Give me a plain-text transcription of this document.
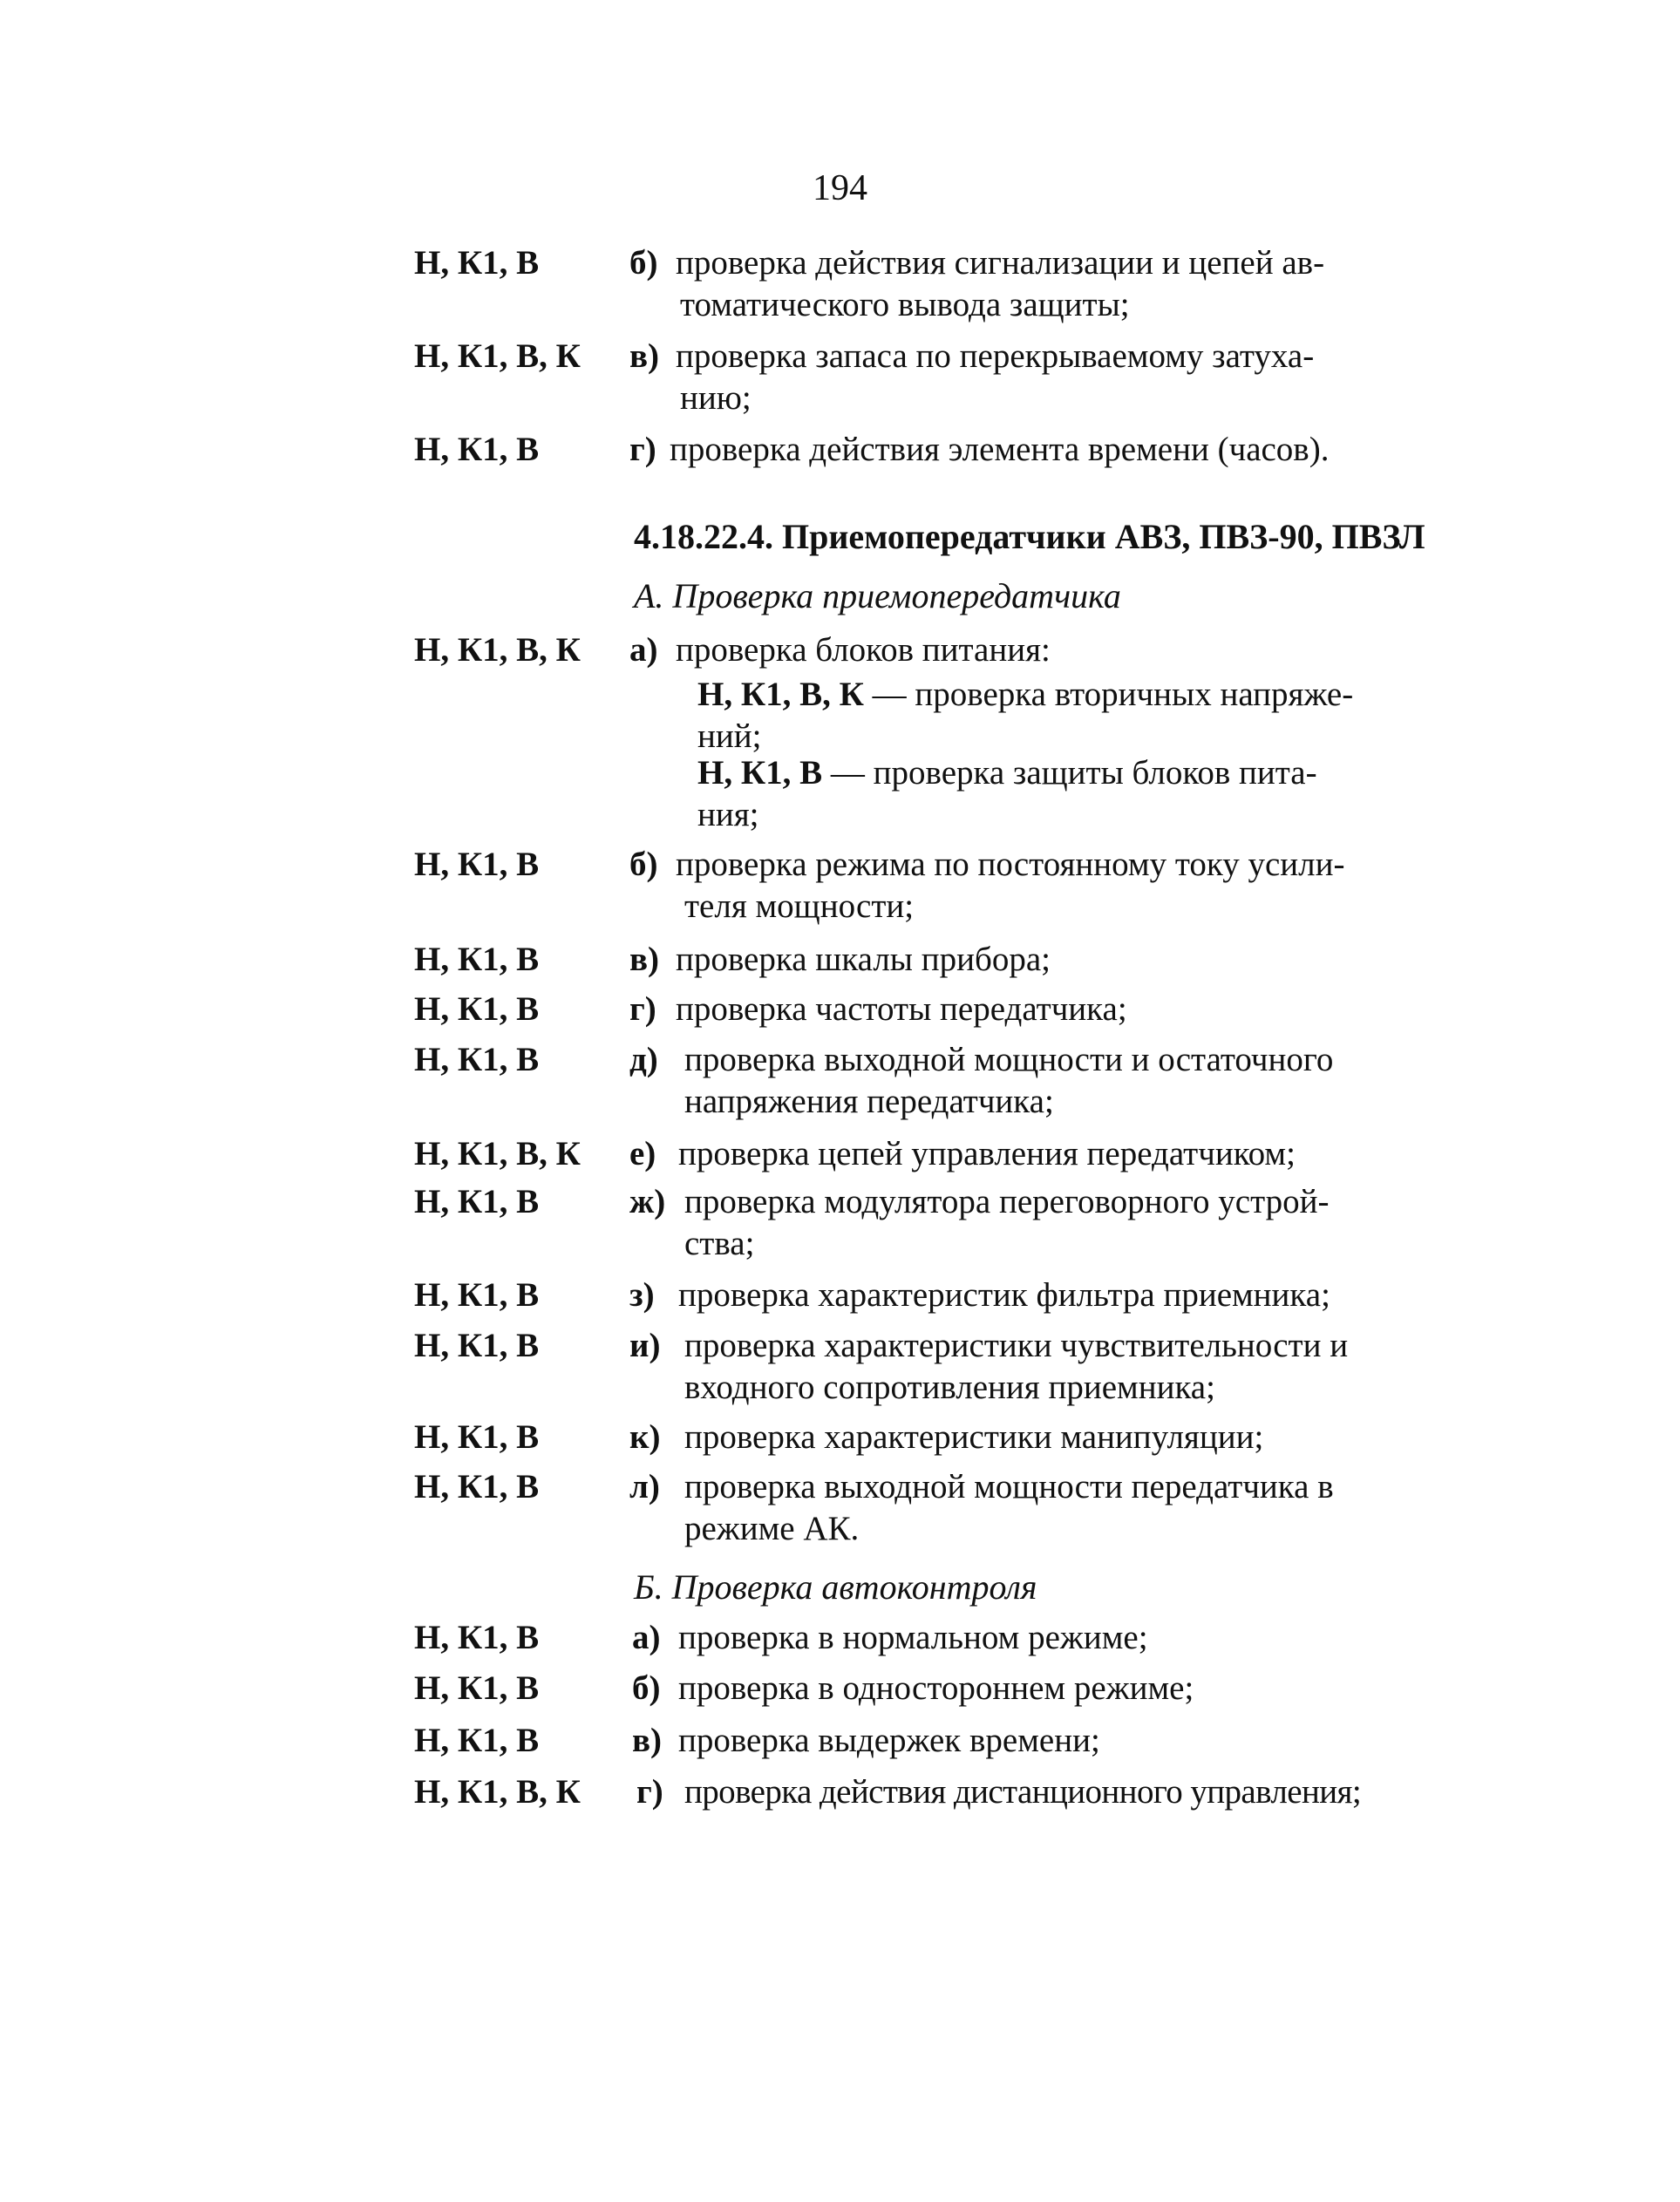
194
Н, К1, В	б) проверка действия сигнализации и цепей ав-
томатического вывода защиты;
Н, К1, В, К в) проверка запаса по перекрываемому затуха-
нию;
Н, К1, В	г) проверка действия элемента времени (часов).
4.18.22.4. Приемопередатчики АВЗ, ПВЗ-90, ПВЗЛ
А. Проверка приемопередатчика
Н, К1, В, К а) проверка блоков питания:
Н, К1, В, К — проверка вторичных напряже-
ний;
Н, К1, В — проверка защиты блоков пита-
ния;
Н, К1, В	б) проверка режима по постоянному току усили-
теля мощности;
Н, К1, В	в) проверка шкалы прибора;
Н, К1, В	г) проверка частоты передатчика;
Н, К1, В	д) проверка выходной мощности и остаточного
напряжения передатчика;
Н, К1, В, К е) проверка цепей управления передатчиком;
Н, К1, В	ж) проверка модулятора переговорного устрой-
ства;
Н, К1, В	з) проверка характеристик фильтра приемника;
Н, К1, В	и) проверка характеристики чувствительности и
входного сопротивления приемника;
Н, К1, В	к) проверка характеристики манипуляции;
Н, К1, В	л) проверка выходной мощности передатчика в
режиме АК.
Б. Проверка автоконтроля
Н, К1, В	а) проверка в нормальном режиме;
Н, К1, В	б) проверка в одностороннем режиме;
Н, К1, В	в) проверка выдержек времени;
Н, К1, В, К г) проверка действия дистанционного управления;
